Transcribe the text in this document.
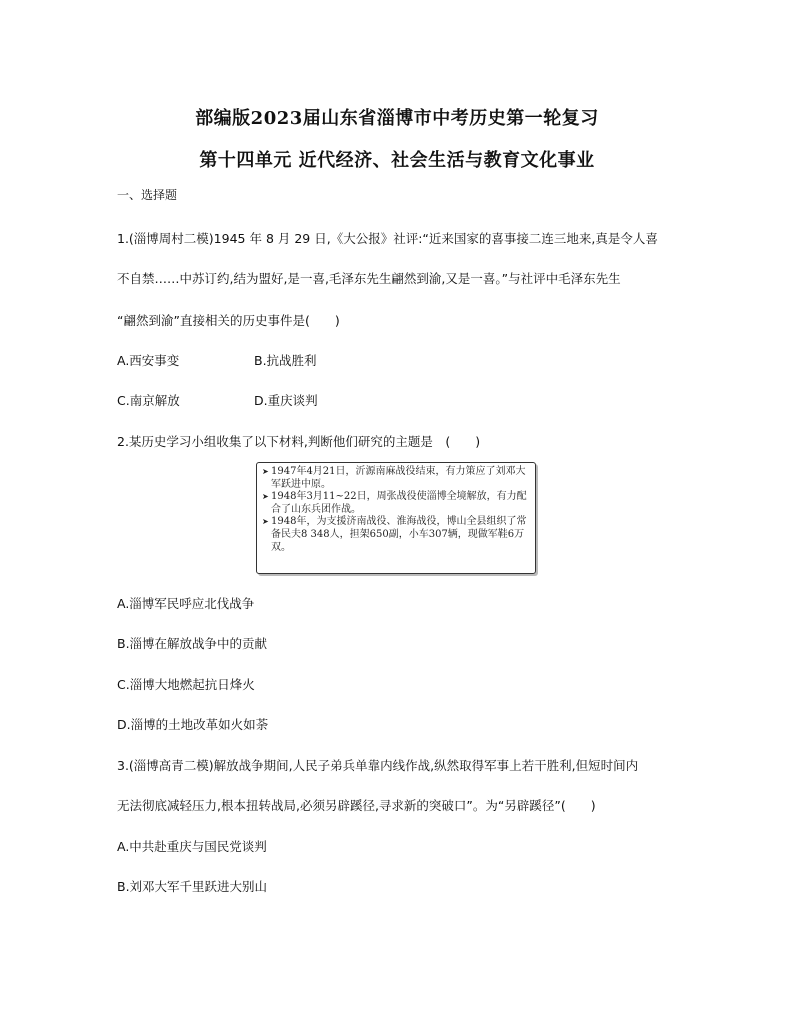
部编版2023届山东省淄博市中考历史第一轮复习
第十四单元 近代经济、社会生活与教育文化事业
一、选择题
1.(淄博周村二模)1945 年 8 月 29 日,《大公报》社评:“近来国家的喜事接二连三地来,真是令人喜
不自禁……中苏订约,结为盟好,是一喜,毛泽东先生翩然到渝,又是一喜。”与社评中毛泽东先生
“翩然到渝”直接相关的历史事件是(　　)
A.西安事变	B.抗战胜利
C.南京解放	D.重庆谈判
2.某历史学习小组收集了以下材料,判断他们研究的主题是　(　　)
➤ 1947年4月21日，沂源南麻战役结束，有力策应了刘邓大军跃进中原。
➤ 1948年3月11~22日，周张战役使淄博全境解放，有力配合了山东兵团作战。
➤ 1948年，为支援济南战役、淮海战役，博山全县组织了常备民夫8 348人，担架650副，小车307辆，现做军鞋6万双。
A.淄博军民呼应北伐战争
B.淄博在解放战争中的贡献
C.淄博大地燃起抗日烽火
D.淄博的土地改革如火如荼
3.(淄博高青二模)解放战争期间,人民子弟兵单靠内线作战,纵然取得军事上若干胜利,但短时间内
无法彻底减轻压力,根本扭转战局,必须另辟蹊径,寻求新的突破口”。为“另辟蹊径”(　　)
A.中共赴重庆与国民党谈判
B.刘邓大军千里跃进大别山
